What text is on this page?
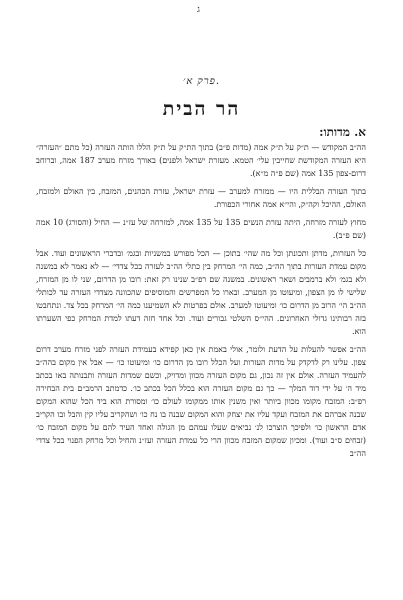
ג
פרק א׳.
הר הבית
א. מדותו:

הה״ב המקודש — ת״ק על ת״ק אמה (מדות פ״ב) בתוך הת״ק על ת״ק הללו הותה העזרה (כל מתם ״העזרה״ היא העזרה המקודשת שחייבין עלי׳ הטמא. מעזרת ישראל ולפנים) באורך מזרח מערב 187 אמה, וברוחב דרום-צפון 135 אמה (שם פ״ה מ״א).

בתוך העזרה הבללית היו — ממזרח למערב — עזרת ישראל, עזרת הכהנים, המזבח, בין האולם ולמזבח, האולם, ההיכל וקה״ק, והי״א אמה אחורי הכפורת.

מחוץ לעזרה מזרחה, היתה עזרת הנשים 135 על 135 אמה, למזרחה של עז״נ — החיל (והסורג) 10 אמה (שם פ״ב).

כל העזרות, מדתן ותכונתן וכל מה שהי׳ בתוכן — הכל מפורש במשניות ובגמ׳ ובדברי הראשונים ועוד. אבל מקום עמדת העזרות בתוך הה״ב, כמה הי׳ המרחק בין כתלי הה״ב לעזרה בכל צדדי׳ — לא נאמר לא במשנה ולא בגמ׳ ולא ברמבים ושאר ראשונים. במשנה שם רפ״ב שנינו רק זאת: רובו מן הדרום, שני לו מן המזרח, שלישי לו מן הצפון, ומיעוטו מן המערב. ובארו כל המפרשים והמוסיפים שהכוונה מצדדי העזרה עד לכותלי הה״ב הי׳ הרוב מן הדרום כו׳ ומיעוטו למערב. אולם בפרטות לא השמיענו כמה הי׳ המרחק בכל צד. ונתחבטו בזה רבותינו גדולי האחרונים. ההי״ס השלטי גבורים ועוד. וכל אחד חזה דעתו למדת המרחק כפי השערתו הוא.

הה״ב אפשר להעלות על הדעת ולומר, אולי באמת אין כאן קפידא בעמידת העזרה לפני מזרח מערב דרום צפון. עלינו רק לדקדק על מדות העזרות ועל הכלל רובו מן הדרום כו׳ ומיעוטו כו׳ — אבל אין מקום בהה״ב להעמיד העזרה. אולם אין זה נכון, גם מקום העזרה מכוון ומדויק, וכשם שמדות העזרה ותבנותה באו בכתב מיד ה׳ על ידי דוד המלך — כך גם מקום העזרה הוא בכלל הכל בכתב כו׳. כדמתב הרמב״ם בית הבחירה רפ״ב: המזבח מקומו מכוון ביותר ואין משנין אותו ממקומו לעולם כו׳ ומסורת הוא ביד הכל שהוא המקום שבנה אברהם את המזבח ועקד עליו את יצחק והוא המקום שבנה בו נח כו׳ ושהקריב עליו קין והבל ובו הקריב אדם הראשון כו׳ ולפיכך הוצרכו לנ׳ נביאים שעלו עמהם מן הגולה ואחד העיד להם על מקום המזבח כו׳ (זבחים ס״ב ועוד). ומכיון שמקום המזבח מכוון הרי כל עמדת העזרה ועז״נ והחיל וכל מרחק הפנוי בכל צדדי הה״ב
